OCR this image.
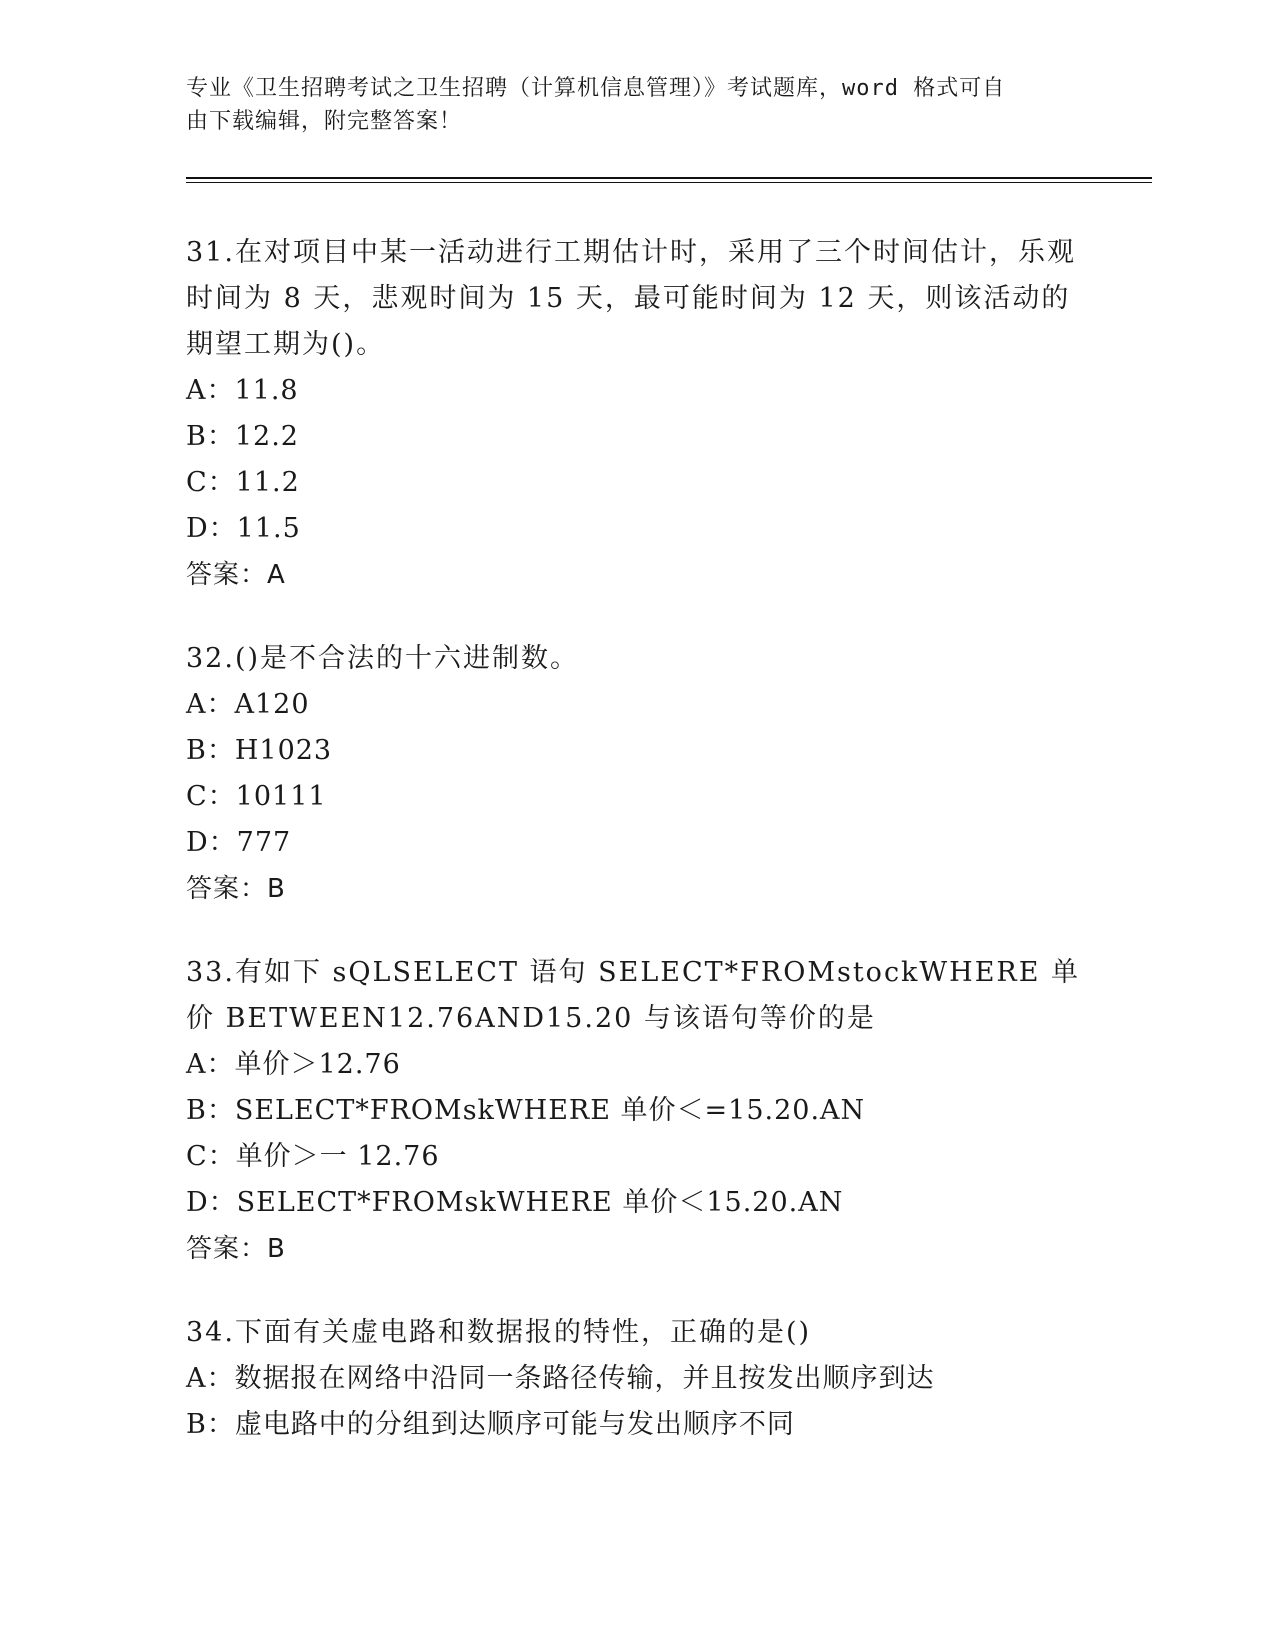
专业《卫生招聘考试之卫生招聘（计算机信息管理）》考试题库，word 格式可自
由下载编辑，附完整答案！
31.在对项目中某一活动进行工期估计时，采用了三个时间估计，乐观时间为 8 天，悲观时间为 15 天，最可能时间为 12 天，则该活动的期望工期为()。
A：11.8
B：12.2
C：11.2
D：11.5
答案：A
32.()是不合法的十六进制数。
A：A120
B：H1023
C：10111
D：777
答案：B
33.有如下 sQLSELECT 语句 SELECT*FROMstockWHERE 单价 BETWEEN12.76AND15.20 与该语句等价的是
A：单价＞12.76
B：SELECT*FROMskWHERE 单价＜=15.20.AN
C：单价＞一 12.76
D：SELECT*FROMskWHERE 单价＜15.20.AN
答案：B
34.下面有关虚电路和数据报的特性，正确的是()
A：数据报在网络中沿同一条路径传输，并且按发出顺序到达
B：虚电路中的分组到达顺序可能与发出顺序不同
